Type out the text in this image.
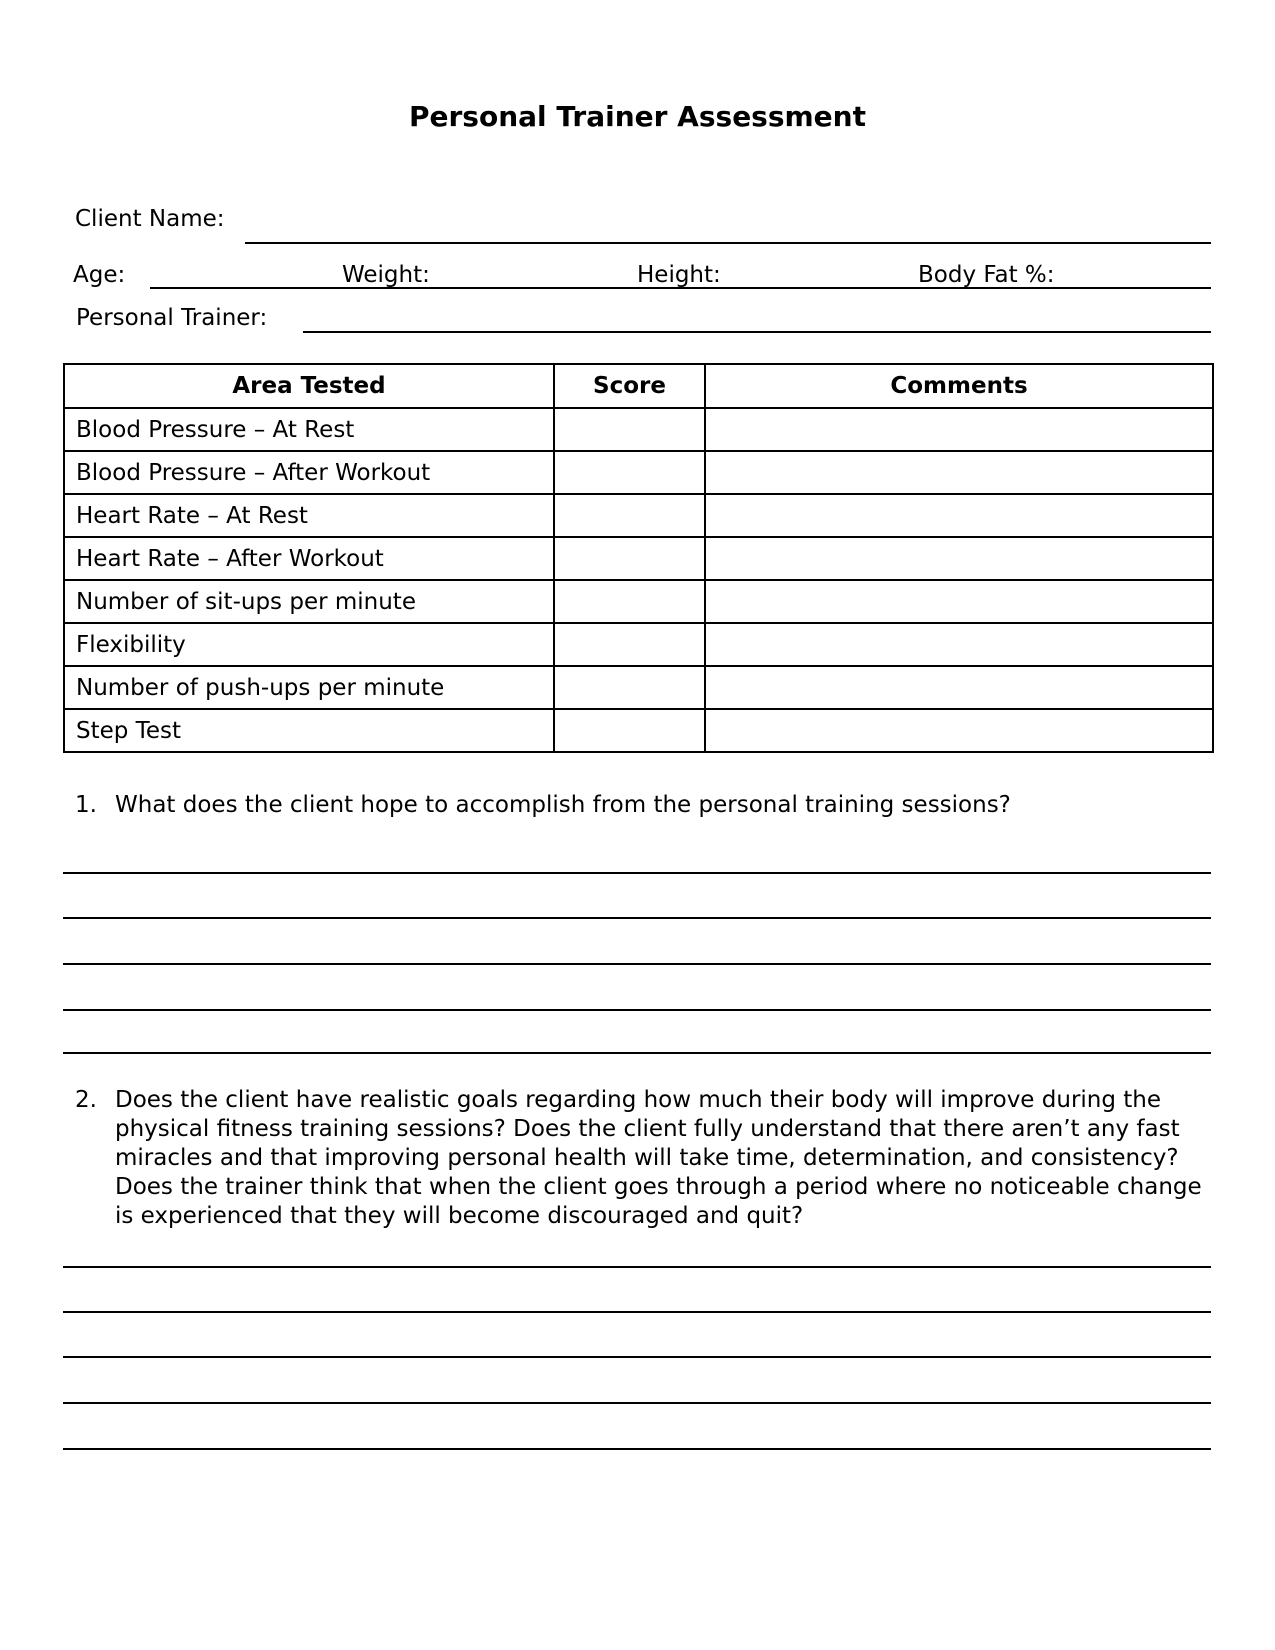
Personal Trainer Assessment
Client Name:
Age:	Weight:	Height:	Body Fat %:
Personal Trainer:
Area Tested	Score	Comments
Blood Pressure – At Rest		
Blood Pressure – After Workout		
Heart Rate – At Rest		
Heart Rate – After Workout		
Number of sit-ups per minute		
Flexibility		
Number of push-ups per minute		
Step Test		
1. What does the client hope to accomplish from the personal training sessions?
2. Does the client have realistic goals regarding how much their body will improve during the physical fitness training sessions? Does the client fully understand that there aren’t any fast miracles and that improving personal health will take time, determination, and consistency? Does the trainer think that when the client goes through a period where no noticeable change is experienced that they will become discouraged and quit?
